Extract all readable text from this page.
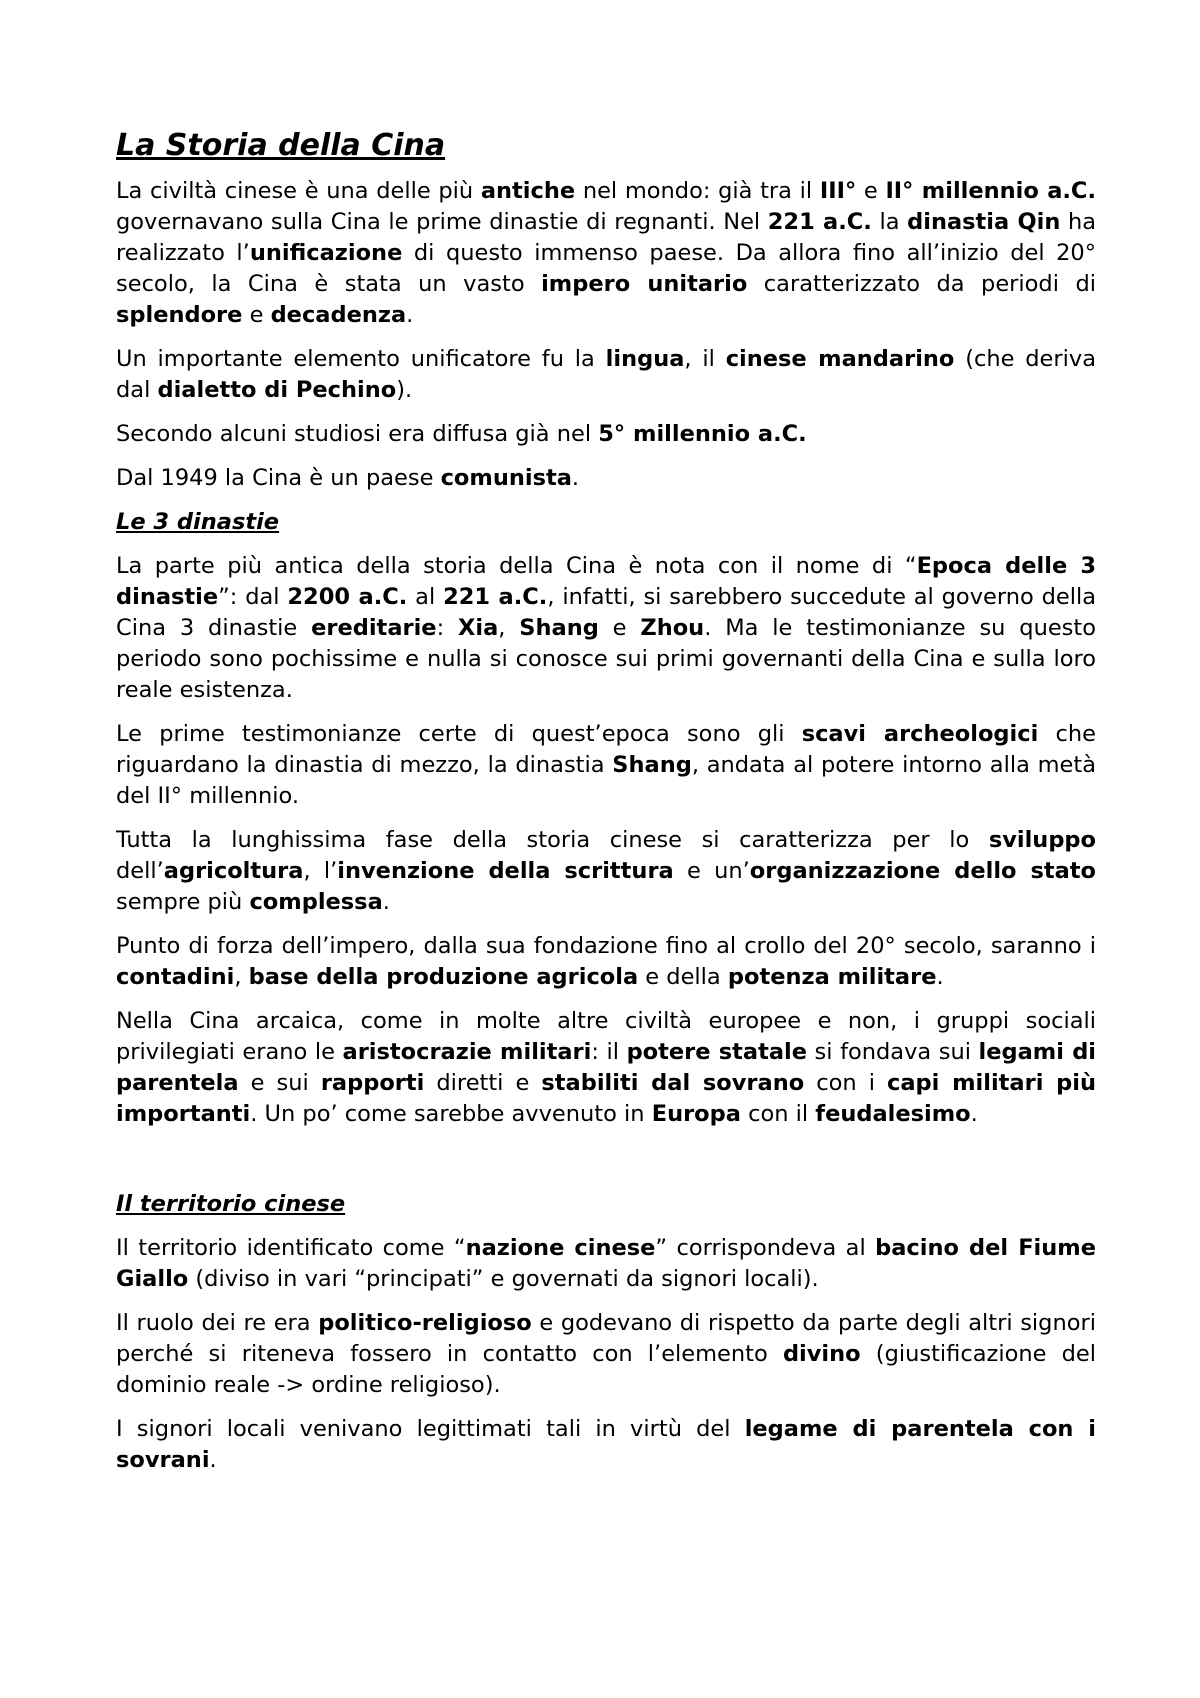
La Storia della Cina

La civiltà cinese è una delle più antiche nel mondo: già tra il III° e II° millennio a.C. governavano sulla Cina le prime dinastie di regnanti. Nel 221 a.C. la dinastia Qin ha realizzato l’unificazione di questo immenso paese. Da allora fino all’inizio del 20° secolo, la Cina è stata un vasto impero unitario caratterizzato da periodi di splendore e decadenza.

Un importante elemento unificatore fu la lingua, il cinese mandarino (che deriva dal dialetto di Pechino).

Secondo alcuni studiosi era diffusa già nel 5° millennio a.C.

Dal 1949 la Cina è un paese comunista.

Le 3 dinastie

La parte più antica della storia della Cina è nota con il nome di “Epoca delle 3 dinastie”: dal 2200 a.C. al 221 a.C., infatti, si sarebbero succedute al governo della Cina 3 dinastie ereditarie: Xia, Shang e Zhou. Ma le testimonianze su questo periodo sono pochissime e nulla si conosce sui primi governanti della Cina e sulla loro reale esistenza.

Le prime testimonianze certe di quest’epoca sono gli scavi archeologici che riguardano la dinastia di mezzo, la dinastia Shang, andata al potere intorno alla metà del II° millennio.

Tutta la lunghissima fase della storia cinese si caratterizza per lo sviluppo dell’agricoltura, l’invenzione della scrittura e un’organizzazione dello stato sempre più complessa.

Punto di forza dell’impero, dalla sua fondazione fino al crollo del 20° secolo, saranno i contadini, base della produzione agricola e della potenza militare.

Nella Cina arcaica, come in molte altre civiltà europee e non, i gruppi sociali privilegiati erano le aristocrazie militari: il potere statale si fondava sui legami di parentela e sui rapporti diretti e stabiliti dal sovrano con i capi militari più importanti. Un po’ come sarebbe avvenuto in Europa con il feudalesimo.

Il territorio cinese

Il territorio identificato come “nazione cinese” corrispondeva al bacino del Fiume Giallo (diviso in vari “principati” e governati da signori locali).

Il ruolo dei re era politico-religioso e godevano di rispetto da parte degli altri signori perché si riteneva fossero in contatto con l’elemento divino (giustificazione del dominio reale -> ordine religioso).

I signori locali venivano legittimati tali in virtù del legame di parentela con i sovrani.
